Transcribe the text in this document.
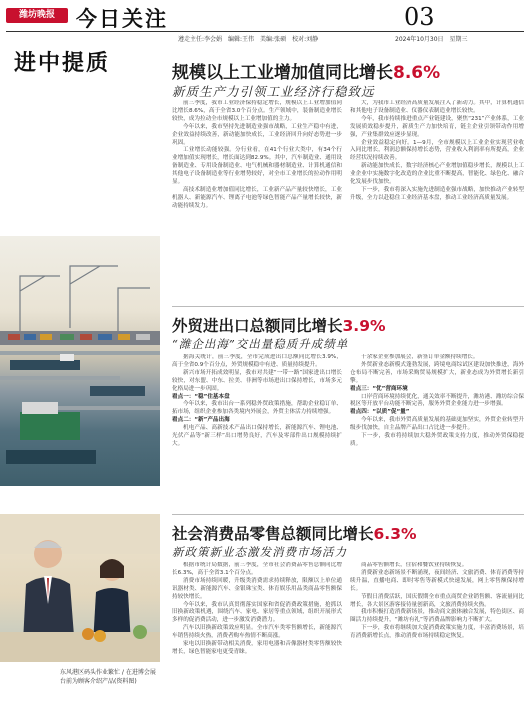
潍坊晚报	今日关注	03
遵走主任:李会娟　编辑:王伟　美编:张硕　校对:刘静	2024年10月30日　星期三
进中提质
东风港区码头作业繁忙 / 在进博会展台前为顾客介绍产品(资料图)
规模以上工业增加值同比增长8.6%
新质生产力引领工业经济行稳致远

前三季度，我市工业经济保持稳定增长，规模以上工业增加值同比增长8.6%，高于全省3.0个百分点。生产领域中，装备制造业增长较快，成为拉动全市规模以上工业增加值的主力。

今年以来，我市坚持先进制造业强市战略，工业生产稳中有进，企业效益持续改善，新动能加快成长，工业经济回升向好态势进一步巩固。

工业增长动能较强。分行业看，在41个行业大类中，有34个行业增加值实现增长，增长面达到82.9%。其中，汽车制造业、通用设备制造业、专用设备制造业、电气机械和器材制造业、计算机通信和其他电子设备制造业等行业增势较好，对全市工业增长的拉动作用明显。

高技术制造业增加值同比增长，工业新产品产量较快增长，工业机器人、新能源汽车、锂离子电池等绿色智能产品产量增长较快，新动能持续发力。

大，为我市工业经济高质量发展注入了新动力。其中，计算机通信和其他电子设备制造业、仪器仪表制造业增长较快。

今年，我市持续推进重点产业链建设，聚焦“231”产业体系，工业发展质效稳步提升，新质生产力加快培育，链主企业引领带动作用增强，产业集群效应逐步显现。

企业效益稳定向好。1—9月，全市规模以上工业企业实现营业收入同比增长，利润总额保持增长态势，营业收入利润率有所提高，企业经营状况持续改善。

新动能加快成长，数字经济核心产业增加值稳步增长，规模以上工业企业中实施数字化改造的企业比重不断提高，智能化、绿色化、融合化发展步伐加快。

下一步，我市将深入实施先进制造业强市战略，加快推动产业转型升级，全力以赴稳住工业经济基本盘，推动工业经济高质量发展。

外贸进出口总额同比增长3.9%
“潍企出海”交出量稳质升成绩单

据海关统计，前三季度，全市完成进出口总额同比增长3.9%，高于全省0.9个百分点，外贸规模稳中有进、质量持续提升。

新兴市场开拓成效明显，我市对共建“一带一路”国家进出口增长较快，对东盟、中东、拉美、非洲等市场进出口保持增长，市场多元化格局进一步巩固。

看点一：“稳”住基本盘

今年以来，我市出台一系列稳外贸政策措施，帮助企业稳订单、拓市场，组织企业参加各类境内外展会，外贸主体活力持续增强。

看点二：“新”产品出海

机电产品、高新技术产品出口保持增长，新能源汽车、锂电池、光伏产品等“新三样”出口增势良好，汽车及零部件出口规模持续扩大。

千余家企业参加展会，新签订单金额持续增长。

外贸新业态新模式蓬勃发展，跨境电商综试区建设加快推进，海外仓布局不断完善，市场采购贸易规模扩大，新业态成为外贸增长新引擎。

看点三：“优”营商环境

口岸营商环境持续优化，通关效率不断提升，潍坊港、潍坊综合保税区等开放平台功能不断完善，服务外贸企业能力进一步增强。

看点四：“以质”促“量”

今年以来，我市外贸高质量发展的基础更加坚实，外贸企业转型升级步伐加快，自主品牌产品出口占比进一步提升。

下一步，我市将持续加大稳外贸政策支持力度，推动外贸保稳提质。

社会消费品零售总额同比增长6.3%
新政策新业态激发消费市场活力

根据市统计局数据，前三季度，全市社会消费品零售总额同比增长6.3%，高于全省3.1个百分点。

消费市场持续回暖，升级类消费需求持续释放，限额以上单位通讯器材类、新能源汽车、金银珠宝类、体育娱乐用品类商品零售额保持较快增长。

今年以来，我市认真贯彻落实国家和省促消费政策措施，抢抓以旧换新政策机遇，围绕汽车、家电、家居等重点领域，组织开展形式多样的促消费活动，进一步激发消费潜力。

汽车以旧换新政策效应明显。全市汽车类零售额增长，新能源汽车销售持续火热，消费者购车热情不断高涨。

家电以旧换新带动相关消费，家用电器和音像器材类零售额较快增长，绿色智能家电更受青睐。

商品零售额增长，住宿和餐饮业持续恢复。

消费新业态新场景不断涌现，夜间经济、文旅消费、体育消费等持续升温，直播电商、即时零售等新模式快速发展，网上零售额保持增长。

节假日消费活跃，国庆假期全市重点商贸企业销售额、客流量同比增长，各大景区游客接待量创新高，文旅消费持续火热。

我市积极打造消费新场景，推动商文旅体融合发展，特色街区、商圈活力持续提升，“潍坊有礼”等消费品牌影响力不断扩大。

下一步，我市将继续加大促消费政策实施力度，丰富消费场景，培育消费新增长点，推动消费市场持续稳定恢复。
